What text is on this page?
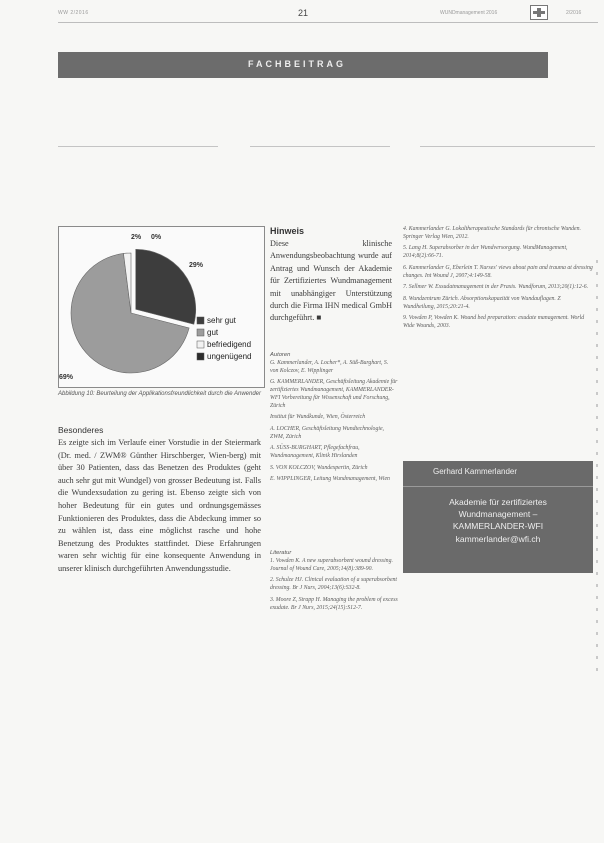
WW 2/2016	21	WUNDmanagement 2016	2/2016
FACHBEITRAG
29%
0%
69%
2%
sehr gut
gut
befriedigend
ungenügend
Abbildung 10: Beurteilung der Applikationsfreundlichkeit durch die Anwender
Besonderes
Es zeigte sich im Verlaufe einer Vorstudie in der Steiermark (Dr. med. / ZWM® Günther Hirschberger, Wien-berg) mit über 30 Patienten, dass das Benetzen des Produktes (geht auch sehr gut mit Wundgel) von grosser Bedeutung ist. Falls die Wundexsudation zu gering ist. Ebenso zeigte sich von hoher Bedeutung für ein gutes und ordnungsgemässes Funktionieren des Produktes, dass die Abdeckung immer so zu wählen ist, dass eine möglichst rasche und hohe Benetzung des Produktes stattfindet. Diese Erfahrungen waren sehr wichtig für eine konsequente Anwendung in unserer klinisch durchgeführten Anwendungsstudie.
Hinweis
Diese klinische Anwendungsbeobachtung wurde auf Antrag und Wunsch der Akademie für Zertifiziertes Wundmanagement mit unabhängiger Unterstützung durch die Firma IHN medical GmbH durchgeführt. ■
Autoren

G. Kammerlander, A. Locher*, A. Süß-Burghart, S. von Kolczov, E. Wipplinger

G. KAMMERLANDER, Geschäftsleitung Akademie für zertifiziertes Wundmanagement, KAMMERLANDER-WFI Vorbereitung für Wissenschaft und Forschung, Zürich

Institut für Wundkunde, Wien, Österreich

A. LOCHER, Geschäftsleitung Wundtechnologie, ZWM, Zürich

A. SÜSS-BURGHART, Pflegefachfrau, Wundmanagement, Klinik Hirslanden

S. VON KOLCZOV, Wundexpertin, Zürich

E. WIPPLINGER, Leitung Wundmanagement, Wien

Literatur

1. Vowden K. A new superabsorbent wound dressing. Journal of Wound Care, 2005;14(8):389-90.

2. Schulze HJ. Clinical evaluation of a superabsorbent dressing. Br J Nurs, 2004;13(6):S32-8.

3. Moore Z, Strapp H. Managing the problem of excess exudate. Br J Nurs, 2015;24(15):S12-7.

4. Kammerlander G. Lokaltherapeutische Standards für chronische Wunden. Springer Verlag Wien, 2012.

5. Lang H. Superabsorber in der Wundversorgung. WundManagement, 2014;8(2):66-71.

6. Kammerlander G, Eberlein T. Nurses' views about pain and trauma at dressing changes. Int Wound J, 2007;4:149-58.

7. Sellmer W. Exsudatmanagement in der Praxis. Wundforum, 2013;20(1):12-6.

8. Wundzentrum Zürich. Absorptionskapazität von Wundauflagen. Z Wundheilung, 2015;20:21-4.

9. Vowden P, Vowden K. Wound bed preparation: exudate management. World Wide Wounds, 2003.

Gerhard Kammerlander
Akademie für zertifiziertes
Wundmanagement –
KAMMERLANDER-WFI
kammerlander@wfi.ch
